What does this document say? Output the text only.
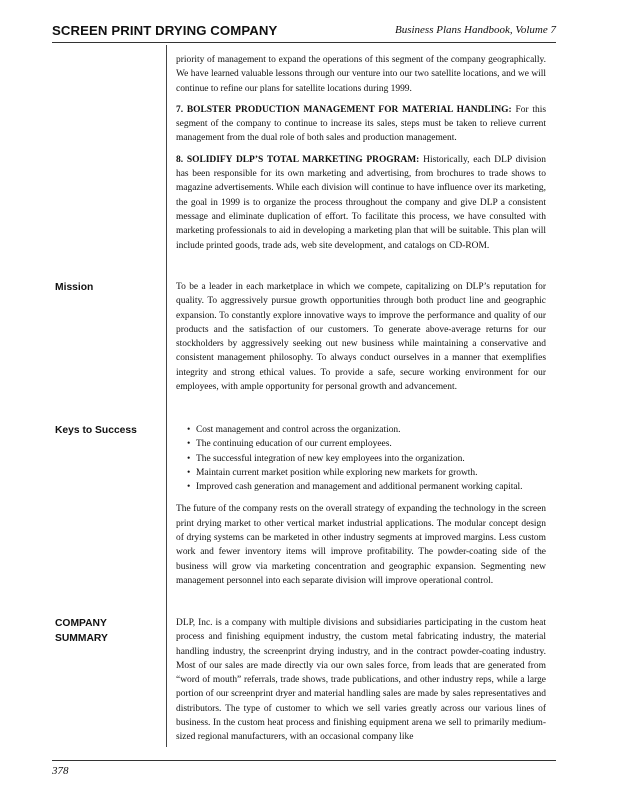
SCREEN PRINT DRYING COMPANY	Business Plans Handbook, Volume 7

priority of management to expand the operations of this segment of the company geographically. We have learned valuable lessons through our venture into our two satellite locations, and we will continue to refine our plans for satellite locations during 1999.

7. BOLSTER PRODUCTION MANAGEMENT FOR MATERIAL HANDLING: For this segment of the company to continue to increase its sales, steps must be taken to relieve current management from the dual role of both sales and production management.

8. SOLIDIFY DLP’S TOTAL MARKETING PROGRAM: Historically, each DLP division has been responsible for its own marketing and advertising, from brochures to trade shows to magazine advertisements. While each division will continue to have influence over its marketing, the goal in 1999 is to organize the process throughout the company and give DLP a consistent message and eliminate duplication of effort. To facilitate this process, we have consulted with marketing professionals to aid in developing a marketing plan that will be suitable. This plan will include printed goods, trade ads, web site development, and catalogs on CD-ROM.

Mission	To be a leader in each marketplace in which we compete, capitalizing on DLP’s reputation for quality. To aggressively pursue growth opportunities through both product line and geographic expansion. To constantly explore innovative ways to improve the performance and quality of our products and the satisfaction of our customers. To generate above-average returns for our stockholders by aggressively seeking out new business while maintaining a conservative and consistent management philosophy. To always conduct ourselves in a manner that exemplifies integrity and strong ethical values. To provide a safe, secure working environment for our employees, with ample opportunity for personal growth and advancement.

Keys to Success	• Cost management and control across the organization.
• The continuing education of our current employees.
• The successful integration of new key employees into the organization.
• Maintain current market position while exploring new markets for growth.
• Improved cash generation and management and additional permanent working capital.

The future of the company rests on the overall strategy of expanding the technology in the screen print drying market to other vertical market industrial applications. The modular concept design of drying systems can be marketed in other industry segments at improved margins. Less custom work and fewer inventory items will improve profitability. The powder-coating side of the business will grow via marketing concentration and geographic expansion. Segmenting new management personnel into each separate division will improve operational control.

COMPANY
SUMMARY

DLP, Inc. is a company with multiple divisions and subsidiaries participating in the custom heat process and finishing equipment industry, the custom metal fabricating industry, the material handling industry, the screenprint drying industry, and in the contract powder-coating industry. Most of our sales are made directly via our own sales force, from leads that are generated from “word of mouth” referrals, trade shows, trade publications, and other industry reps, while a large portion of our screenprint dryer and material handling sales are made by sales representatives and distributors. The type of customer to which we sell varies greatly across our various lines of business. In the custom heat process and finishing equipment arena we sell to primarily medium-sized regional manufacturers, with an occasional company like

378
